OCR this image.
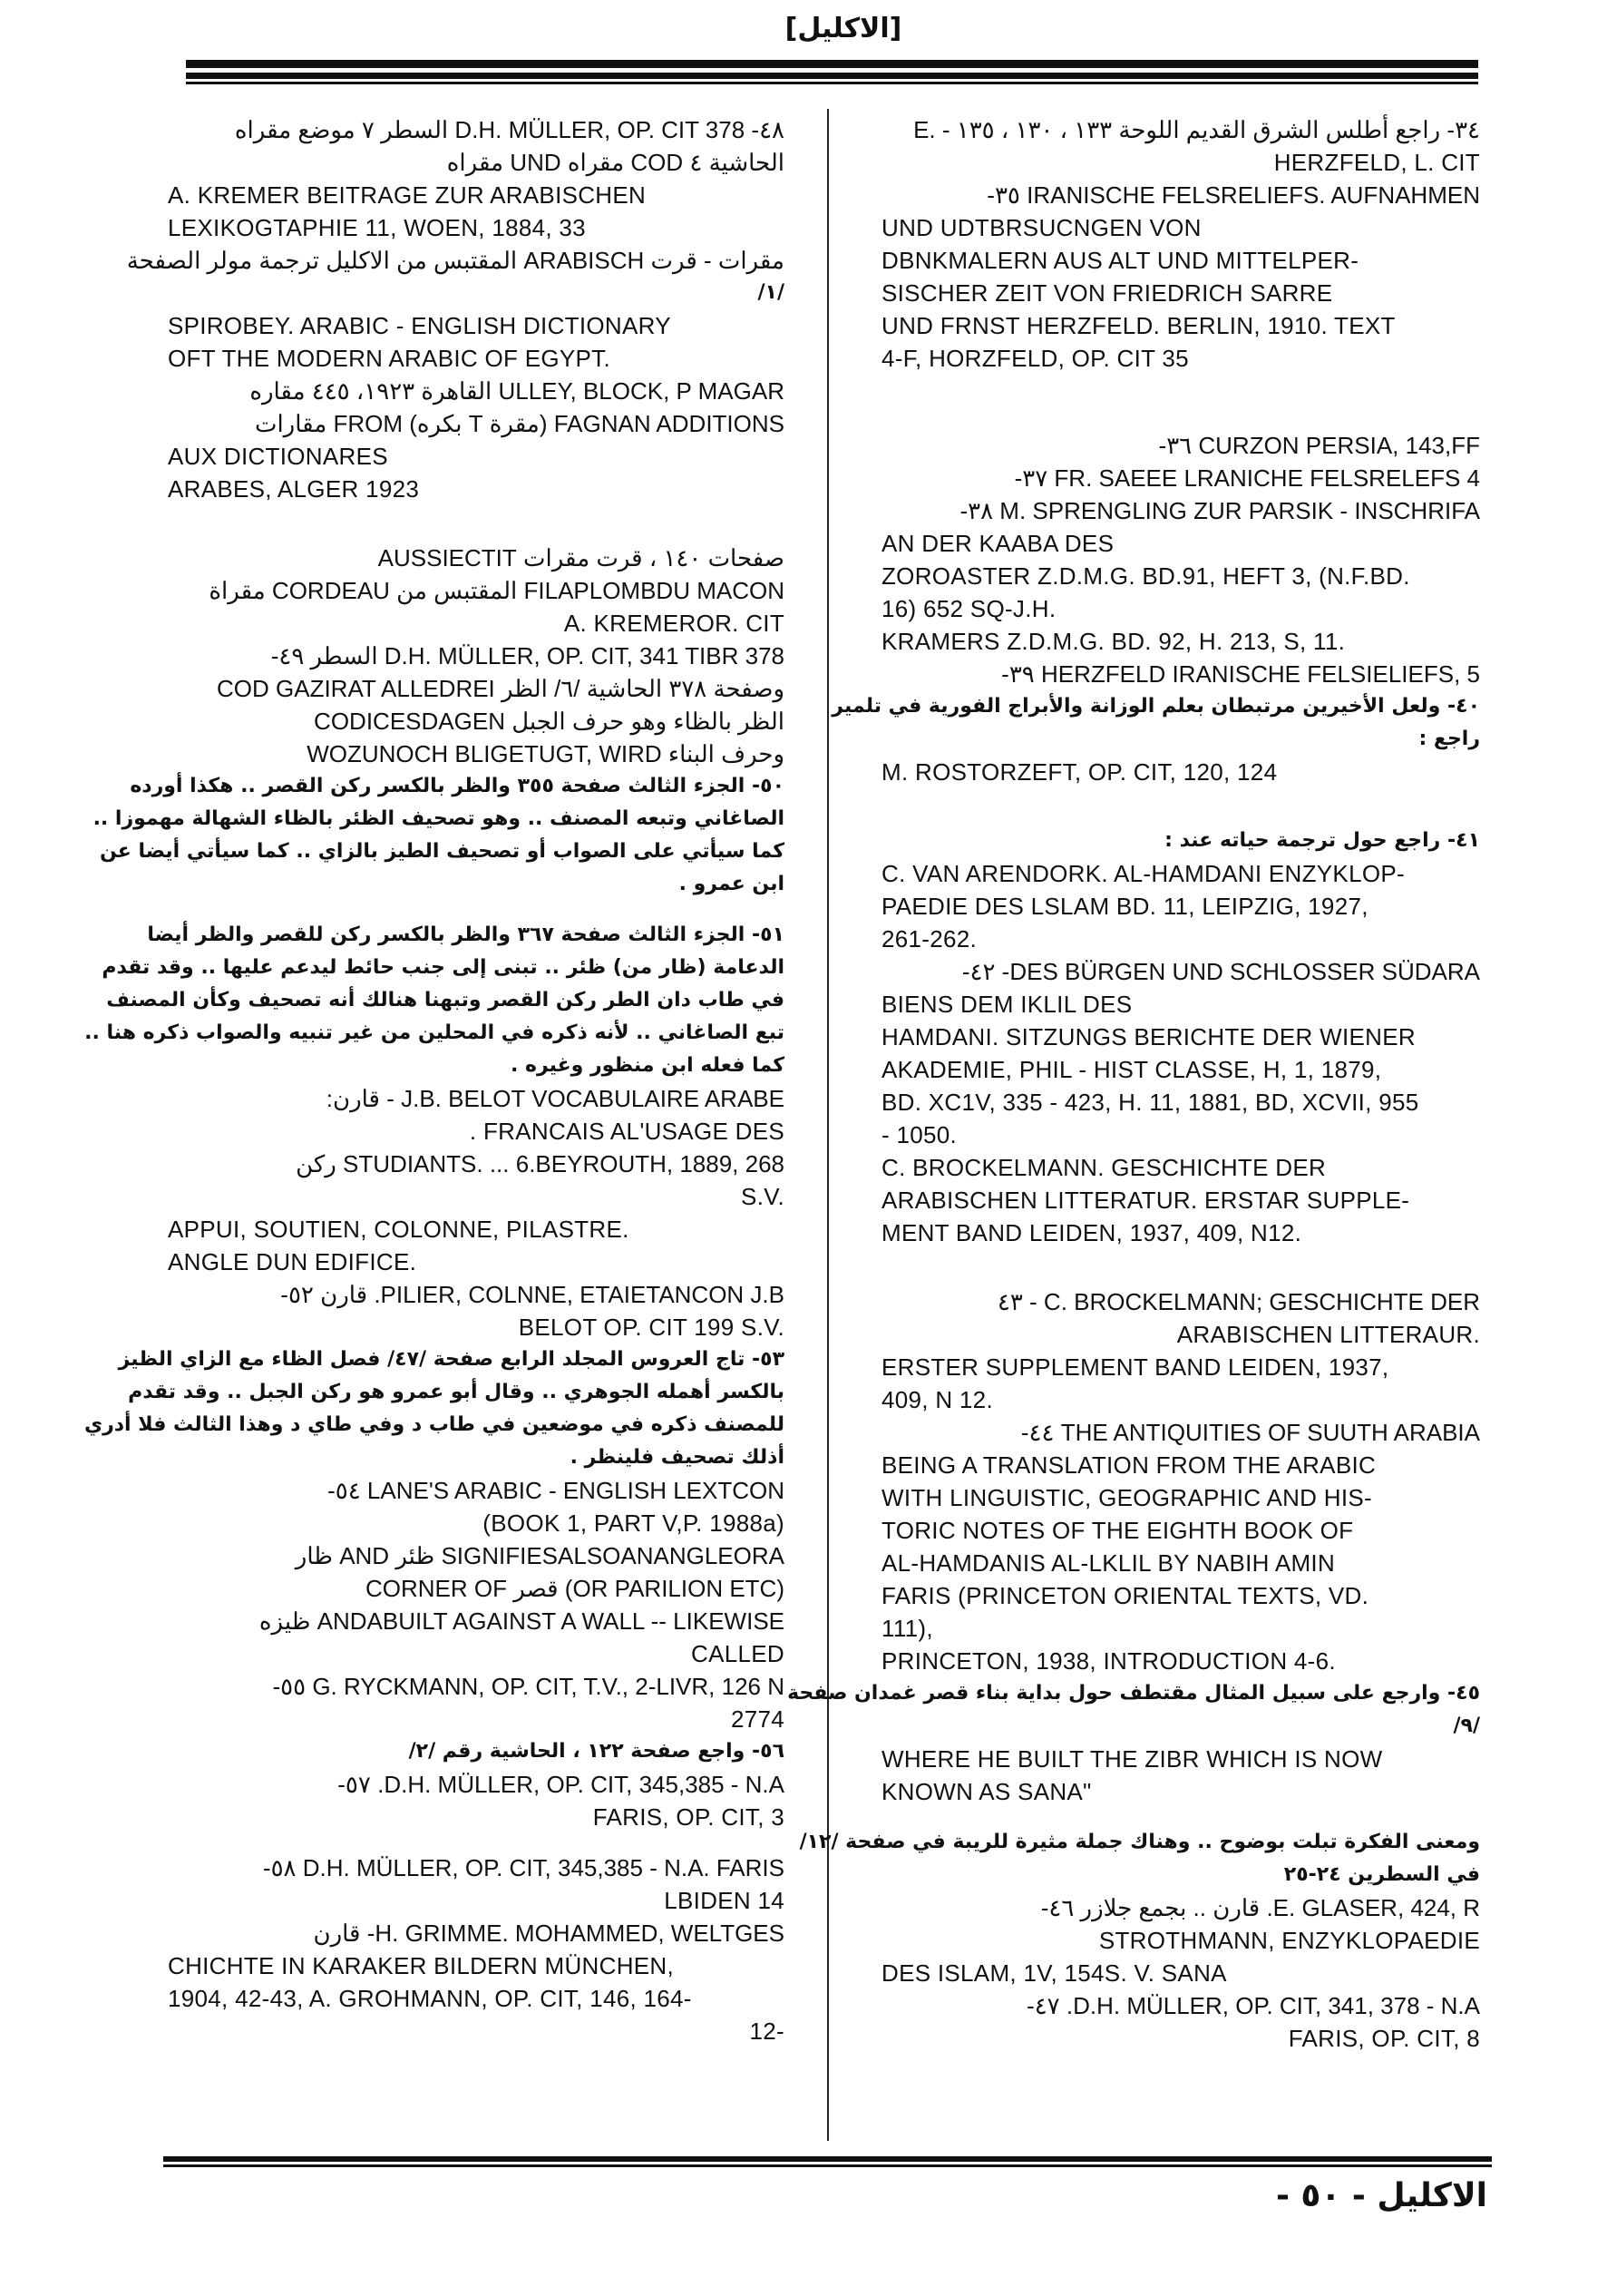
[الاكليل]
٤٨- D.H. MÜLLER, OP. CIT 378 السطر ٧ موضع مقراه
الحاشية ٤ COD مقراه UND مقراه
A. KREMER BEITRAGE ZUR ARABISCHEN
LEXIKOGTAPHIE 11, WOEN, 1884, 33
مقرات - قرت ARABISCH المقتبس من الاكليل ترجمة مولر الصفحة
/١/
SPIROBEY. ARABIC - ENGLISH DICTIONARY
OFT THE MODERN ARABIC OF EGYPT.
ULLEY, BLOCK, P MAGAR القاهرة ١٩٢٣، ٤٤٥ مقاره
FAGNAN ADDITIONS (مقرة T بكره) FROM مقارات
AUX DICTIONARES
ARABES, ALGER 1923
صفحات ١٤٠ ، قرت مقرات AUSSIECTIT
FILAPLOMBDU MACON المقتبس من CORDEAU مقراة
A. KREMEROR. CIT
D.H. MÜLLER, OP. CIT, 341 TIBR 378 السطر ٤٩-
وصفحة ٣٧٨ الحاشية /٦/ الظر COD GAZIRAT ALLEDREI
الظر بالظاء وهو حرف الجبل CODICESDAGEN
وحرف البناء WOZUNOCH BLIGETUGT, WIRD
٥٠- الجزء الثالث صفحة ٣٥٥ والظر بالكسر ركن القصر .. هكذا أورده
الصاغاني وتبعه المصنف .. وهو تصحيف الظئر بالظاء الشهالة مهموزا ..
كما سيأتي على الصواب أو تصحيف الطيز بالزاي .. كما سيأتي أيضا عن
ابن عمرو .
٥١- الجزء الثالث صفحة ٣٦٧ والظر بالكسر ركن للقصر والظر أيضا
الدعامة (ظار من) ظئر .. تبنى إلى جنب حائط ليدعم عليها .. وقد تقدم
في طاب دان الطر ركن القصر وتبهنا هنالك أنه تصحيف وكأن المصنف
تبع الصاغاني .. لأنه ذكره في المحلين من غير تنبيه والصواب ذكره هنا ..
كما فعله ابن منظور وغيره .
J.B. BELOT VOCABULAIRE ARABE - قارن:
. FRANCAIS AL'USAGE DES
STUDIANTS. ... 6.BEYROUTH, 1889, 268 ركن
S.V.
APPUI, SOUTIEN, COLONNE, PILASTRE.
ANGLE DUN EDIFICE.
PILIER, COLNNE, ETAIETANCON J.B. قارن ٥٢-
BELOT OP. CIT 199 S.V.
٥٣- تاج العروس المجلد الرابع صفحة /٤٧/ فصل الظاء مع الزاي الظيز
بالكسر أهمله الجوهري .. وقال أبو عمرو هو ركن الجبل .. وقد تقدم
للمصنف ذكره في موضعين في طاب د وفي طاي د وهذا الثالث فلا أدري
أذلك تصحيف فلينظر .
LANE'S ARABIC - ENGLISH LEXTCON ٥٤-
(BOOK 1, PART V,P. 1988a)
SIGNIFIESALSOANANGLEORA ظئر AND ظار
(OR PARILION ETC) قصر CORNER OF
ANDABUILT AGAINST A WALL -- LIKEWISE ظيزه
CALLED
G. RYCKMANN, OP. CIT, T.V., 2-LIVR, 126 N ٥٥-
2774
٥٦- واجع صفحة ١٢٢ ، الحاشية رقم /٢/
D.H. MÜLLER, OP. CIT, 345,385 - N.A. ٥٧-
FARIS, OP. CIT, 3
D.H. MÜLLER, OP. CIT, 345,385 - N.A. FARIS ٥٨-
LBIDEN 14
H. GRIMME. MOHAMMED, WELTGES- قارن
CHICHTE IN KARAKER BILDERN MÜNCHEN,
1904, 42-43, A. GROHMANN, OP. CIT, 146, 164-
12-
٣٤- راجع أطلس الشرق القديم اللوحة ١٣٣ ، ١٣٠ ، ١٣٥ - .E
HERZFELD, L. CIT
IRANISCHE FELSRELIEFS. AUFNAHMEN ٣٥-
UND UDTBRSUCNGEN VON
DBNKMALERN AUS ALT UND MITTELPER-
SISCHER ZEIT VON FRIEDRICH SARRE
UND FRNST HERZFELD. BERLIN, 1910. TEXT
4-F, HORZFELD, OP. CIT 35
CURZON PERSIA, 143,FF ٣٦-
FR. SAEEE LRANICHE FELSRELEFS 4 ٣٧-
M. SPRENGLING ZUR PARSIK - INSCHRIFA ٣٨-
AN DER KAABA DES
ZOROASTER Z.D.M.G. BD.91, HEFT 3, (N.F.BD.
16) 652 SQ-J.H.
KRAMERS Z.D.M.G. BD. 92, H. 213, S, 11.
HERZFELD IRANISCHE FELSIELIEFS, 5 ٣٩-
٤٠- ولعل الأخيرين مرتبطان بعلم الوزانة والأبراج الفورية في تلمير
راجع :
M. ROSTORZEFT, OP. CIT, 120, 124
٤١- راجع حول ترجمة حياته عند :
C. VAN ARENDORK. AL-HAMDANI ENZYKLOP-
PAEDIE DES LSLAM BD. 11, LEIPZIG, 1927,
261-262.
DES BÜRGEN UND SCHLOSSER SÜDARA- ٤٢-
BIENS DEM IKLIL DES
HAMDANI. SITZUNGS BERICHTE DER WIENER
AKADEMIE, PHIL - HIST CLASSE, H, 1, 1879,
BD. XC1V, 335 - 423, H. 11, 1881, BD, XCVII, 955
- 1050.
C. BROCKELMANN. GESCHICHTE DER
ARABISCHEN LITTERATUR. ERSTAR SUPPLE-
MENT BAND LEIDEN, 1937, 409, N12.
C. BROCKELMANN; GESCHICHTE DER - ٤٣
ARABISCHEN LITTERAUR.
ERSTER SUPPLEMENT BAND LEIDEN, 1937,
409, N 12.
THE ANTIQUITIES OF SUUTH ARABIA ٤٤-
BEING A TRANSLATION FROM THE ARABIC
WITH LINGUISTIC, GEOGRAPHIC AND HIS-
TORIC NOTES OF THE EIGHTH BOOK OF
AL-HAMDANIS AL-LKLIL BY NABIH AMIN
FARIS (PRINCETON ORIENTAL TEXTS, VD.
111),
PRINCETON, 1938, INTRODUCTION 4-6.
٤٥- وارجع على سبيل المثال مقتطف حول بداية بناء قصر غمدان صفحة
/٩/
WHERE HE BUILT THE ZIBR WHICH IS NOW
KNOWN AS SANA"
ومعنى الفكرة تبلت بوضوح .. وهناك جملة مثيرة للريبة في صفحة /١٢/
في السطرين ٢٤-٢٥
E. GLASER, 424, R. قارن .. بجمع جلازر ٤٦-
STROTHMANN, ENZYKLOPAEDIE
DES ISLAM, 1V, 154S. V. SANA
D.H. MÜLLER, OP. CIT, 341, 378 - N.A. ٤٧-
FARIS, OP. CIT, 8
الاكليل - ٥٠ -
